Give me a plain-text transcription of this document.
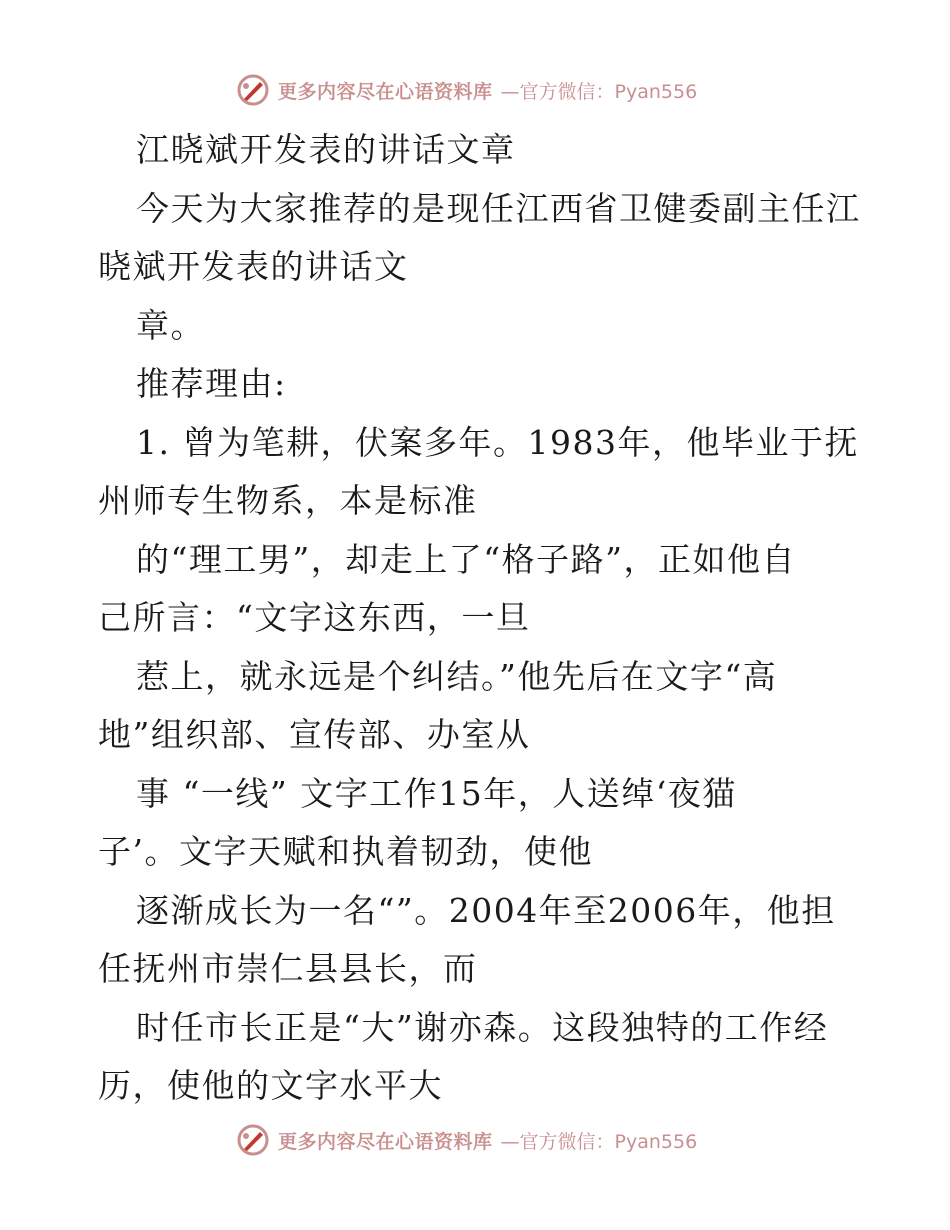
更多内容尽在心语资料库 —官方微信：Pyan556
江晓斌开发表的讲话文章
今天为大家推荐的是现任江西省卫健委副主任江
晓斌开发表的讲话文
章。
推荐理由:
1. 曾为笔耕，伏案多年。1983年，他毕业于抚
州师专生物系，本是标准
的“理工男”，却走上了“格子路”，正如他自
己所言：“文字这东西，一旦
惹上，就永远是个纠结。”他先后在文字“高
地”组织部、宣传部、办室从
事 “一线” 文字工作15年，人送绰‘夜猫
子’。文字天赋和执着韧劲，使他
逐渐成长为一名“”。2004年至2006年，他担
任抚州市崇仁县县长，而
时任市长正是“大”谢亦森。这段独特的工作经
历，使他的文字水平大
更多内容尽在心语资料库 —官方微信：Pyan556
